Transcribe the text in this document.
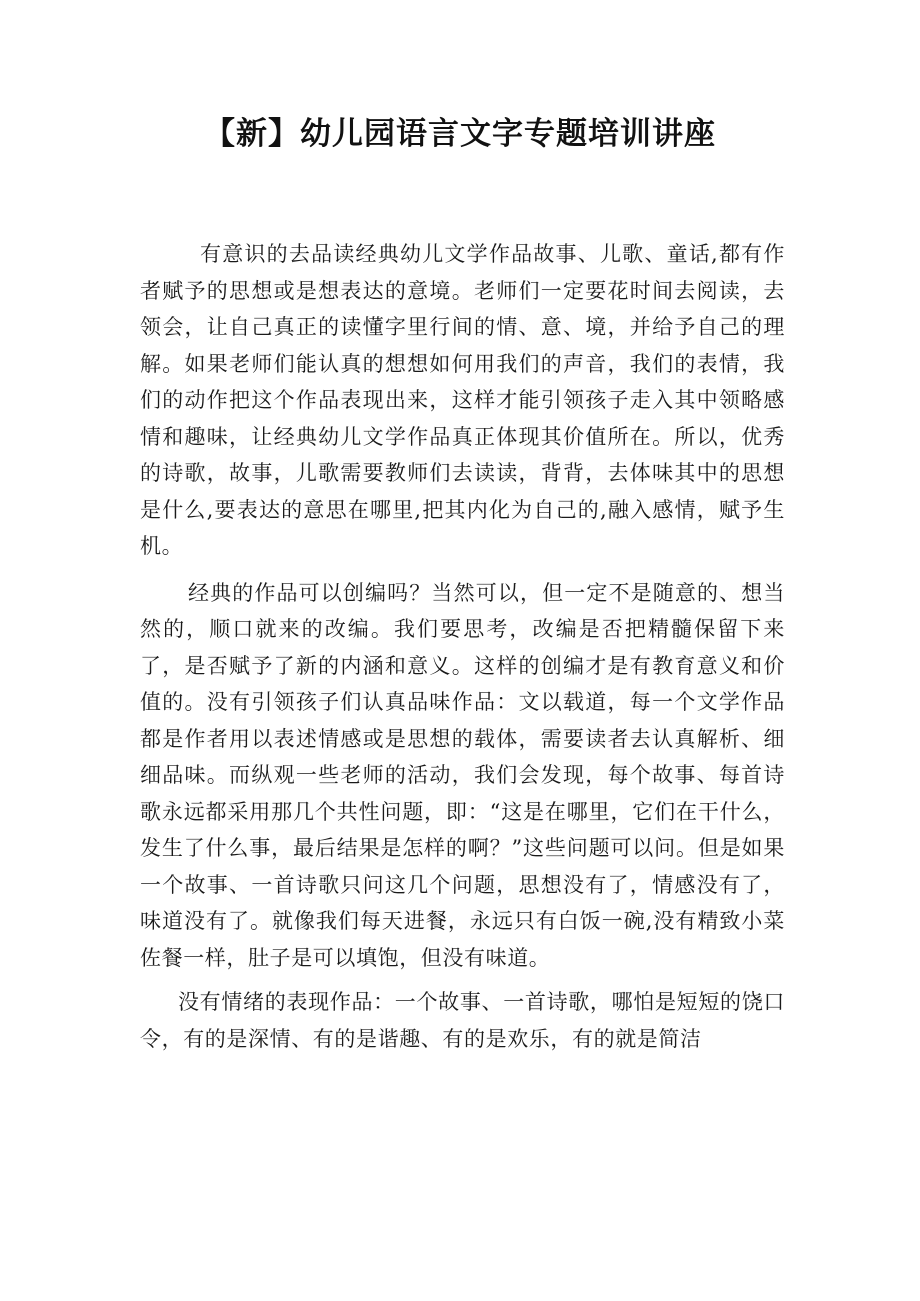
【新】幼儿园语言文字专题培训讲座

有意识的去品读经典幼儿文学作品故事、儿歌、童话,都有作者赋予的思想或是想表达的意境。老师们一定要花时间去阅读，去领会，让自己真正的读懂字里行间的情、意、境，并给予自己的理解。如果老师们能认真的想想如何用我们的声音，我们的表情，我们的动作把这个作品表现出来，这样才能引领孩子走入其中领略感情和趣味，让经典幼儿文学作品真正体现其价值所在。所以，优秀的诗歌，故事，儿歌需要教师们去读读，背背，去体味其中的思想是什么,要表达的意思在哪里,把其内化为自己的,融入感情，赋予生机。

经典的作品可以创编吗？当然可以，但一定不是随意的、想当然的，顺口就来的改编。我们要思考，改编是否把精髓保留下来了，是否赋予了新的内涵和意义。这样的创编才是有教育意义和价值的。没有引领孩子们认真品味作品：文以载道，每一个文学作品都是作者用以表述情感或是思想的载体，需要读者去认真解析、细细品味。而纵观一些老师的活动，我们会发现，每个故事、每首诗歌永远都采用那几个共性问题，即：“这是在哪里，它们在干什么，发生了什么事，最后结果是怎样的啊？”这些问题可以问。但是如果一个故事、一首诗歌只问这几个问题，思想没有了，情感没有了，味道没有了。就像我们每天进餐，永远只有白饭一碗,没有精致小菜佐餐一样，肚子是可以填饱，但没有味道。

没有情绪的表现作品：一个故事、一首诗歌，哪怕是短短的饶口令，有的是深情、有的是谐趣、有的是欢乐，有的就是简洁
